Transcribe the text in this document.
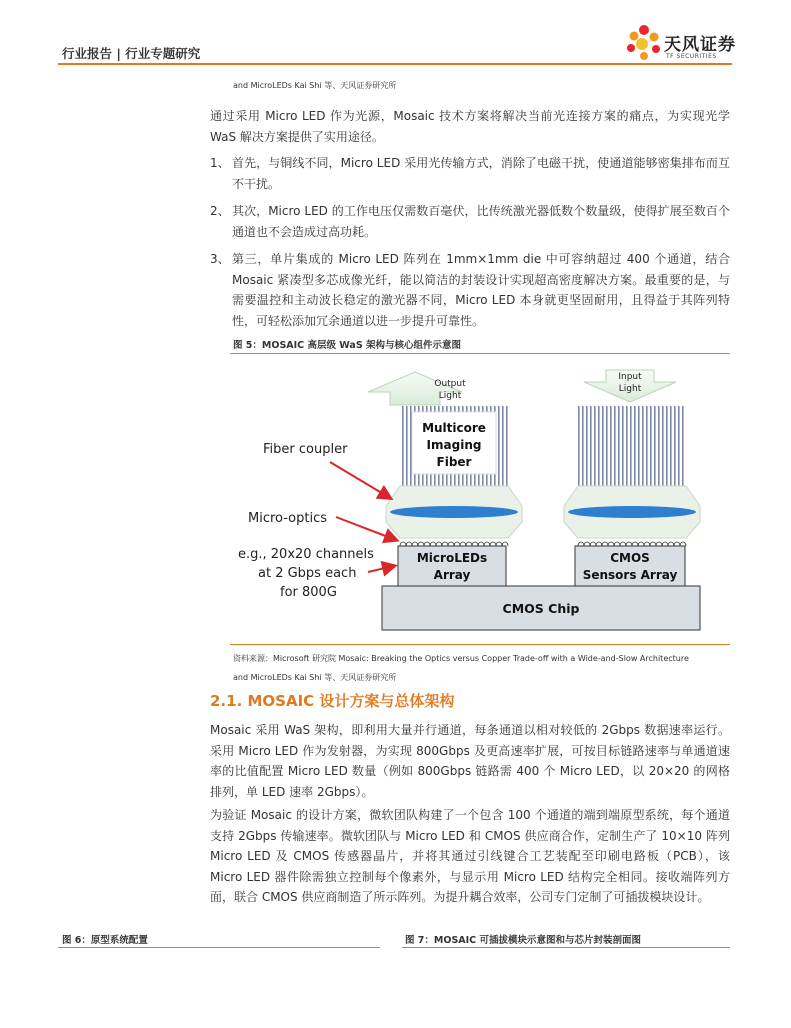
行业报告 | 行业专题研究	天风证券
TF SECURITIES
and MicroLEDs Kai Shi 等、天风证券研究所
通过采用 Micro LED 作为光源，Mosaic 技术方案将解决当前光连接方案的痛点，为实现光学 WaS 解决方案提供了实用途径。
1、 首先，与铜线不同，Micro LED 采用光传输方式，消除了电磁干扰，使通道能够密集排布而互不干扰。
2、 其次，Micro LED 的工作电压仅需数百毫伏，比传统激光器低数个数量级，使得扩展至数百个通道也不会造成过高功耗。
3、 第三，单片集成的 Micro LED 阵列在 1mm×1mm die 中可容纳超过 400 个通道，结合 Mosaic 紧凑型多芯成像光纤，能以简洁的封装设计实现超高密度解决方案。最重要的是，与需要温控和主动波长稳定的激光器不同，Micro LED 本身就更坚固耐用，且得益于其阵列特性，可轻松添加冗余通道以进一步提升可靠性。
图 5：MOSAIC 高层级 WaS 架构与核心组件示意图
Output
Light
Input
Light
Multicore
Imaging
Fiber
MicroLEDs
Array
CMOS
Sensors Array
CMOS Chip
Fiber coupler
Micro-optics
e.g., 20x20 channels
at 2 Gbps each
for 800G
资料来源：Microsoft 研究院 Mosaic: Breaking the Optics versus Copper Trade-off with a Wide-and-Slow Architecture
and MicroLEDs Kai Shi 等、天风证券研究所
2.1. MOSAIC 设计方案与总体架构
Mosaic 采用 WaS 架构，即利用大量并行通道，每条通道以相对较低的 2Gbps 数据速率运行。采用 Micro LED 作为发射器，为实现 800Gbps 及更高速率扩展，可按目标链路速率与单通道速率的比值配置 Micro LED 数量（例如 800Gbps 链路需 400 个 Micro LED，以 20×20 的网格排列，单 LED 速率 2Gbps）。
为验证 Mosaic 的设计方案，微软团队构建了一个包含 100 个通道的端到端原型系统，每个通道支持 2Gbps 传输速率。微软团队与 Micro LED 和 CMOS 供应商合作，定制生产了 10×10 阵列 Micro LED 及 CMOS 传感器晶片，并将其通过引线键合工艺装配至印刷电路板（PCB），该 Micro LED 器件除需独立控制每个像素外，与显示用 Micro LED 结构完全相同。接收端阵列方面，联合 CMOS 供应商制造了所示阵列。为提升耦合效率，公司专门定制了可插拔模块设计。
图 6：原型系统配置	图 7：MOSAIC 可插拔模块示意图和与芯片封装剖面图
